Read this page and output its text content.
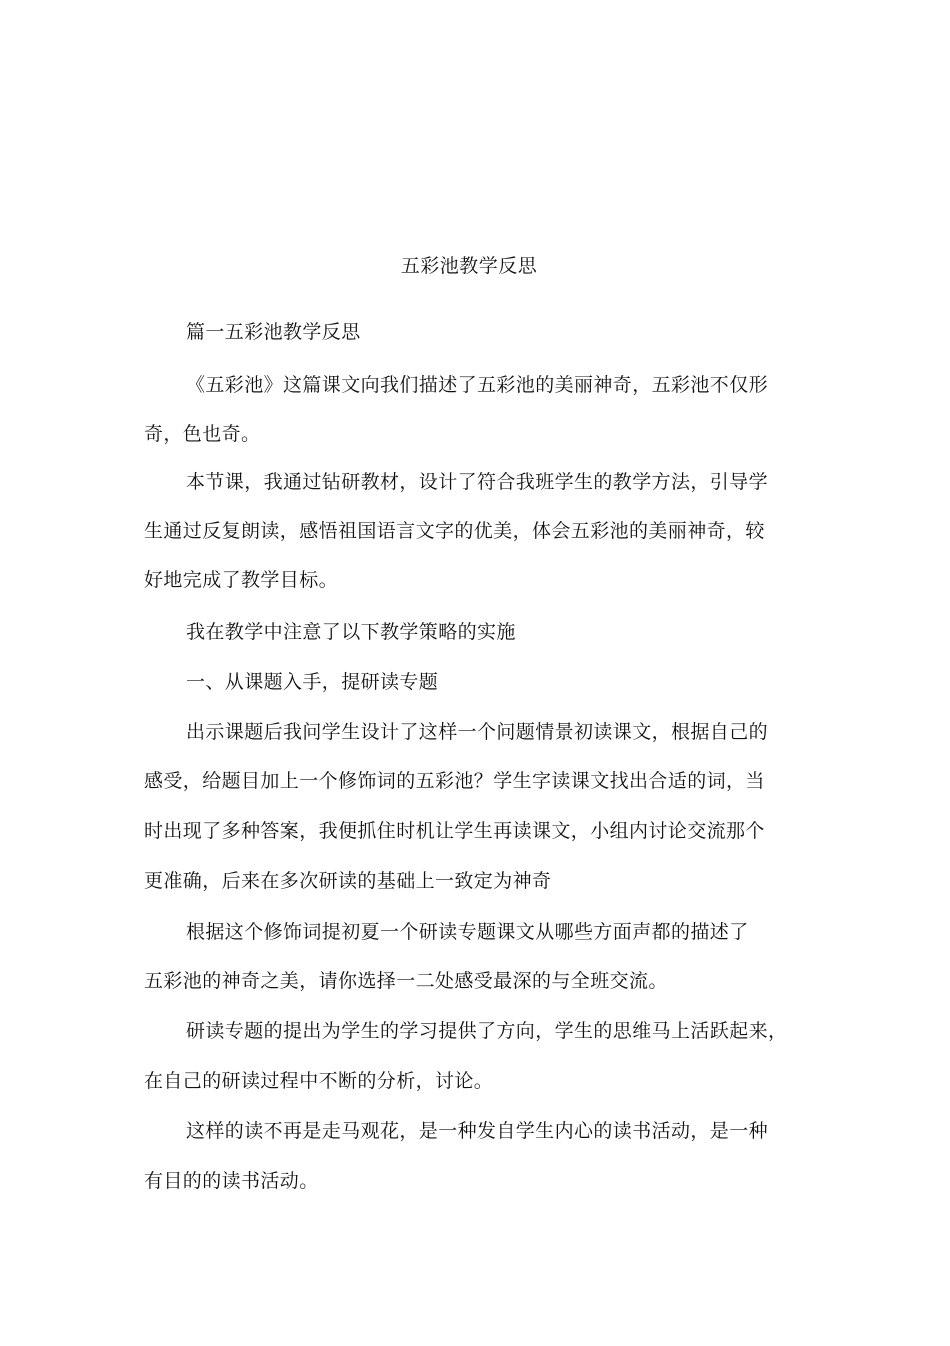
五彩池教学反思
篇一五彩池教学反思
《五彩池》这篇课文向我们描述了五彩池的美丽神奇，五彩池不仅形
奇，色也奇。
本节课，我通过钻研教材，设计了符合我班学生的教学方法，引导学
生通过反复朗读，感悟祖国语言文字的优美，体会五彩池的美丽神奇，较
好地完成了教学目标。
我在教学中注意了以下教学策略的实施
一、从课题入手，提研读专题
出示课题后我问学生设计了这样一个问题情景初读课文，根据自己的
感受，给题目加上一个修饰词的五彩池？学生字读课文找出合适的词，当
时出现了多种答案，我便抓住时机让学生再读课文，小组内讨论交流那个
更准确，后来在多次研读的基础上一致定为神奇
根据这个修饰词提初夏一个研读专题课文从哪些方面声都的描述了
五彩池的神奇之美，请你选择一二处感受最深的与全班交流。
研读专题的提出为学生的学习提供了方向，学生的思维马上活跃起来，
在自己的研读过程中不断的分析，讨论。
这样的读不再是走马观花，是一种发自学生内心的读书活动，是一种
有目的的读书活动。
